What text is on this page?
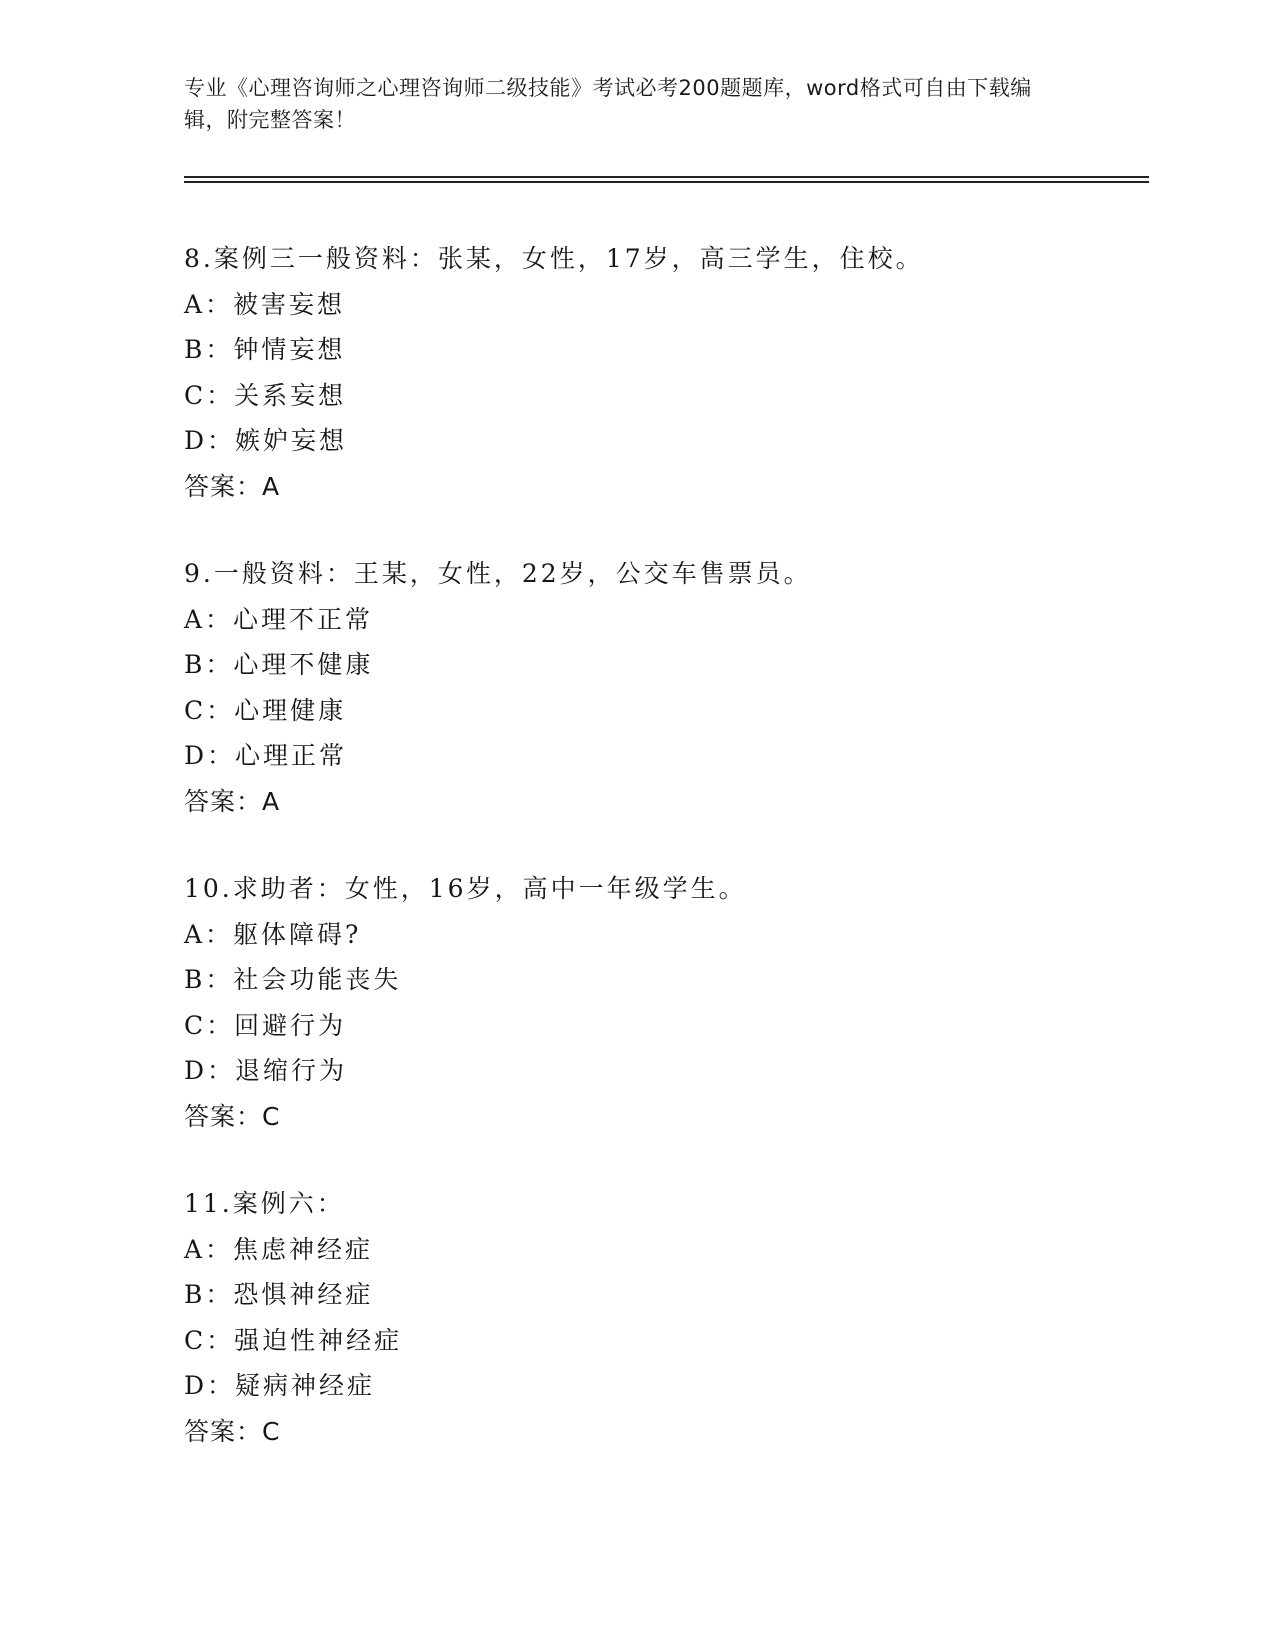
专业《心理咨询师之心理咨询师二级技能》考试必考200题题库，word格式可自由下载编辑，附完整答案！
8.案例三一般资料：张某，女性，17岁，高三学生，住校。
A：被害妄想
B：钟情妄想
C：关系妄想
D：嫉妒妄想
答案：A
9.一般资料：王某，女性，22岁，公交车售票员。
A：心理不正常
B：心理不健康
C：心理健康
D：心理正常
答案：A
10.求助者：女性，16岁，高中一年级学生。
A：躯体障碍?
B：社会功能丧失
C：回避行为
D：退缩行为
答案：C
11.案例六：
A：焦虑神经症
B：恐惧神经症
C：强迫性神经症
D：疑病神经症
答案：C
